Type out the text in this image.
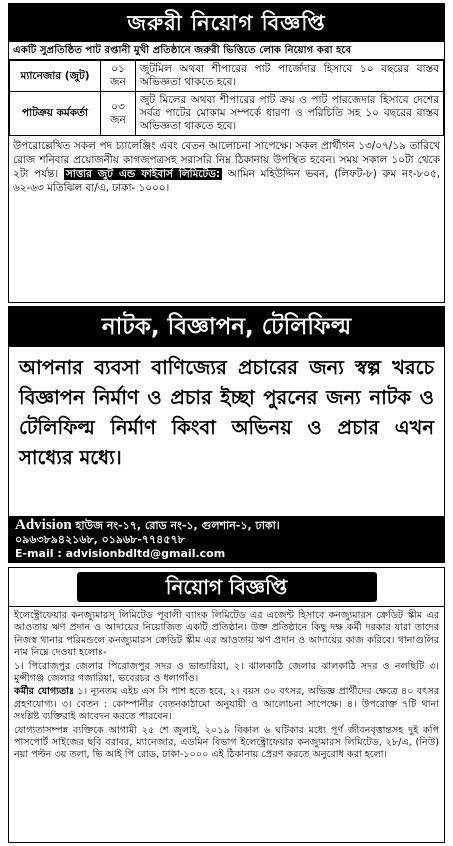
জরুরী নিয়োগ বিজ্ঞপ্তি
একটি সুপ্রতিষ্ঠিত পাট রপ্তানী মুখী প্রতিষ্ঠানে জরুরী ভিত্তিতে লোক নিয়োগ করা হবে
ম্যানেজার (জুট)	০১ জন	জুটমিল অথবা শীপারের পাট পার্জেদার হিসাবে ১০ বছরের বাস্তব অভিজ্ঞতা থাকতে হবে।
পাটক্রয় কর্মকর্তা	০৩ জন	জুট মিলের অথবা শীপারের পাট ক্রয় ও পাট পারজেদার হিসাবে দেশের সর্বত্র পাটের মোকাম সম্পর্কে ধারণা ও পরিচিতি সহ ১০ বছরের বাস্তব অভিজ্ঞতা থাকতে হবে।
উপরোল্লেখিত সকল পদ চ্যালেঞ্জিং এবং বেতন আলোচনা সাপেক্ষে। সকল প্রার্থীগন ১৩/০৭/১৯ তারিখে রোজ শনিবার প্রয়োজনীয় কাগজপত্রসহ সরাসরি নিম্ন ঠিকানায় উপস্থিত হবেন। সময় সকাল ১০টা থেকে ২টা পর্যন্ত। সাত্তার জুট এন্ড ফাইবার্স লিমিটেড: আমিন মহিউদ্দিন ভবন, (লিফট-৮) রুম নং-৮০৫, ৬২-৬৩ মতিঝিল বা/এ, ঢাকা- ১০০০।
নাটক, বিজ্ঞাপন, টেলিফিল্ম
আপনার ব্যবসা বাণিজ্যের প্রচারের জন্য স্বল্প খরচে বিজ্ঞাপন নির্মাণ ও প্রচার ইচ্ছা পুরনের জন্য নাটক ও টেলিফিল্ম নির্মাণ কিংবা অভিনয় ও প্রচার এখন সাধ্যের মধ্যে।
Advision হাউজ নং-১৭, রোড নং-১, গুলশান-১, ঢাকা।
০৯৬৩৮৯৪২১৬৮, ০১৯৬৮-৭৭৪৫৭৮
E-mail : advisionbdltd@gmail.com
নিয়োগ বিজ্ঞপ্তি

ইলেক্ট্রোফেয়ার কনজ্যুমারস্ লিমিটেড পূবালী ব্যাংক লিমিটেড এর এজেন্ট হিসাবে কনজ্যুমারস ক্রেডিট স্কীম এর আওতায় ঋণ প্রদান ও আদায়ের নিয়োজিত একটি প্রতিষ্ঠান। উক্ত প্রতিষ্ঠানে কিছু দক্ষ কর্মী দরকার যারা তাদের নিজস্ব থানার পরিমন্ডলে কনজ্যুমারস ক্রেডিট স্কীম এর আওতায় ঋণ প্রদান ও আদায়ের কাজ করিবে। থানাগুলির নাম নিম্নে দেওয়া হলোঃ-

১। পিরোজপুর জেলার পিরোজপুর সদর ও ভান্ডারিয়া, ২। ঝালকাঠি জেলার ঝালকাঠি সদর ও নলছিটি ৩। মুন্সীগঞ্জ জেলার গজারিয়া, ভবেরচর ও ধলাগাঁও।

কর্মীর যোগ্যতাঃ ১। ন্যূনতম এইচ এস সি পাশ হতে হবে, ২। বয়স ৩০ বৎসর, অভিজ্ঞ প্রার্থীদের ক্ষেত্রে ৪০ বৎসর গ্রহণযোগ্য। ৩। বেতন : কোম্পানীর বেতনকাঠামো অনুযায়ী ও আলোচনা সাপেক্ষে। ৪। উপরোক্ত ৭টি থানা সংশ্লিষ্ট ব্যক্তিরাই আবেদন করতে পারবেন।

যোগ্যতাসম্পন্ন ব্যক্তিকে আগামী ২৫ শে জুলাই, ২০১৯ বিকাল ৬ ঘটিকার মধ্যে পূর্ণ জীবনবৃত্তান্তসহ দুই কপি পাসপোর্ট সাইজের ছবি বরাবর, ম্যানেজার, এডমিন বিভাগ ইলেক্ট্রোফেয়ার কনজ্যুমারস লিমিটেড, ২৮/এ, (নিউ) নয়া পল্টন ৩য় তলা, ভি আই পি রোড, ঢাকা-১০০০ এই ঠিকানায় প্রেরণ করতে অনুরোধ করা হলো।
